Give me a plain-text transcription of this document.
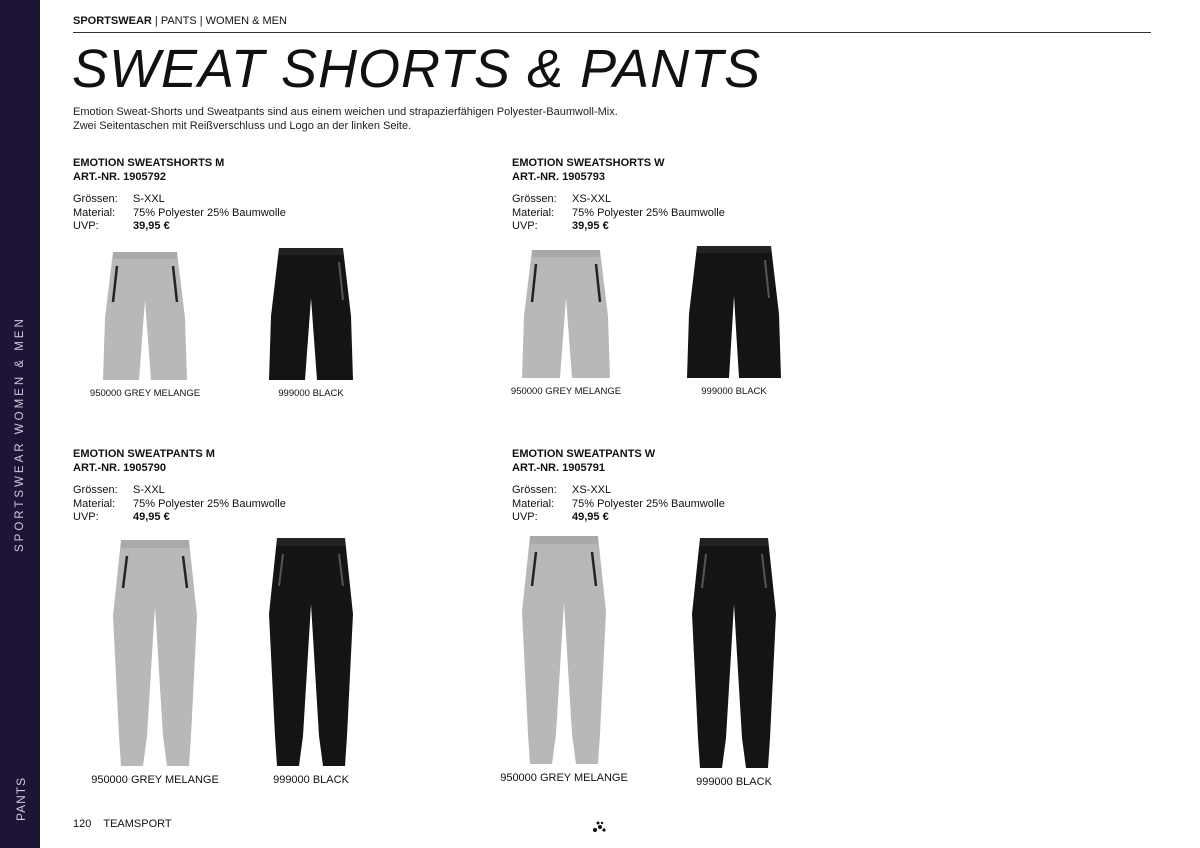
SPORTSWEAR WOMEN & MEN
PANTS
SPORTSWEAR | PANTS | WOMEN & MEN
SWEAT SHORTS & PANTS
Emotion Sweat-Shorts und Sweatpants sind aus einem weichen und strapazierfähigen Polyester-Baumwoll-Mix.
Zwei Seitentaschen mit Reißverschluss und Logo an der linken Seite.
EMOTION SWEATSHORTS M
ART.-NR. 1905792
Grössen:	S-XXL
Material:	75% Polyester 25% Baumwolle
UVP:	39,95 €
950000 GREY MELANGE	999000 BLACK
EMOTION SWEATSHORTS W
ART.-NR. 1905793
Grössen:	XS-XXL
Material:	75% Polyester 25% Baumwolle
UVP:	39,95 €
950000 GREY MELANGE	999000 BLACK
EMOTION SWEATPANTS M
ART.-NR. 1905790
Grössen:	S-XXL
Material:	75% Polyester 25% Baumwolle
UVP:	49,95 €
950000 GREY MELANGE	999000 BLACK
EMOTION SWEATPANTS W
ART.-NR. 1905791
Grössen:	XS-XXL
Material:	75% Polyester 25% Baumwolle
UVP:	49,95 €
950000 GREY MELANGE	999000 BLACK
120 TEAMSPORT
